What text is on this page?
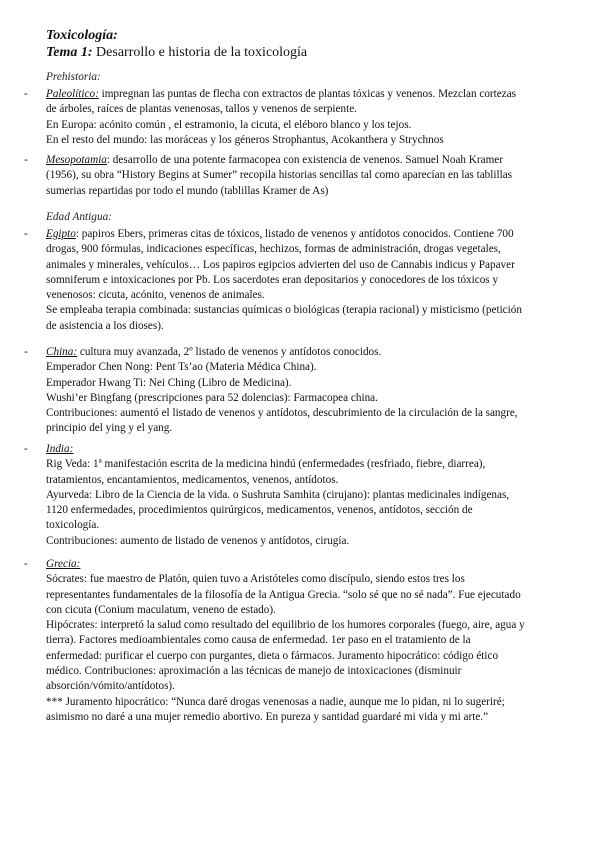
Toxicología:
Tema 1: Desarrollo e historia de la toxicología
Prehistoria:
-	Paleolítico: impregnan las puntas de flecha con extractos de plantas tóxicas y venenos. Mezclan cortezas
de árboles, raíces de plantas venenosas, tallos y venenos de serpiente.
En Europa: acónito común , el estramonio, la cicuta, el eléboro blanco y los tejos.
En el resto del mundo: las moráceas y los géneros Strophantus, Acokanthera y Strychnos
-	Mesopotamia: desarrollo de una potente farmacopea con existencia de venenos. Samuel Noah Kramer
(1956), su obra “History Begins at Sumer” recopila historias sencillas tal como aparecían en las tablillas
sumerias repartidas por todo el mundo (tablillas Kramer de As)
Edad Antigua:
-	Egipto: papiros Ebers, primeras citas de tóxicos, listado de venenos y antídotos conocidos. Contiene 700
drogas, 900 fórmulas, indicaciones específicas, hechizos, formas de administración, drogas vegetales,
animales y minerales, vehículos… Los papiros egipcios advierten del uso de Cannabis indicus y Papaver
somniferum e intoxicaciones por Pb. Los sacerdotes eran depositarios y conocedores de los tóxicos y
venenosos: cicuta, acónito, venenos de animales.
Se empleaba terapia combinada: sustancias químicas o biológicas (terapia racional) y misticismo (petición
de asistencia a los dioses).
-	China: cultura muy avanzada, 2º listado de venenos y antídotos conocidos.
Emperador Chen Nong: Pent Ts’ao (Materia Médica China).
Emperador Hwang Ti: Nei Ching (Libro de Medicina).
Wushi’er Bingfang (prescripciones para 52 dolencias): Farmacopea china.
Contribuciones: aumentó el listado de venenos y antídotos, descubrimiento de la circulación de la sangre,
principio del ying y el yang.
-	India:
Rig Veda: 1ª manifestación escrita de la medicina hindú (enfermedades (resfriado, fiebre, diarrea),
tratamientos, encantamientos, medicamentos, venenos, antídotos.
Ayurveda: Libro de la Ciencia de la vida. o Sushruta Samhita (cirujano): plantas medicinales indígenas,
1120 enfermedades, procedimientos quirúrgicos, medicamentos, venenos, antídotos, sección de
toxicología.
Contribuciones: aumento de listado de venenos y antídotos, cirugía.
-	Grecia:
Sócrates: fue maestro de Platón, quien tuvo a Aristóteles como discípulo, siendo estos tres los
representantes fundamentales de la filosofía de la Antigua Grecia. “solo sé que no sé nada”. Fue ejecutado
con cicuta (Conium maculatum, veneno de estado).
Hipócrates: interpretó la salud como resultado del equilibrio de los humores corporales (fuego, aire, agua y
tierra). Factores medioambientales como causa de enfermedad. 1er paso en el tratamiento de la
enfermedad: purificar el cuerpo con purgantes, dieta o fármacos. Juramento hipocrático: código ético
médico. Contribuciones: aproximación a las técnicas de manejo de intoxicaciones (disminuir
absorción/vómito/antídotos).
*** Juramento hipocrático: “Nunca daré drogas venenosas a nadie, aunque me lo pidan, ni lo sugeriré;
asimismo no daré a una mujer remedio abortivo. En pureza y santidad guardaré mi vida y mi arte.”
